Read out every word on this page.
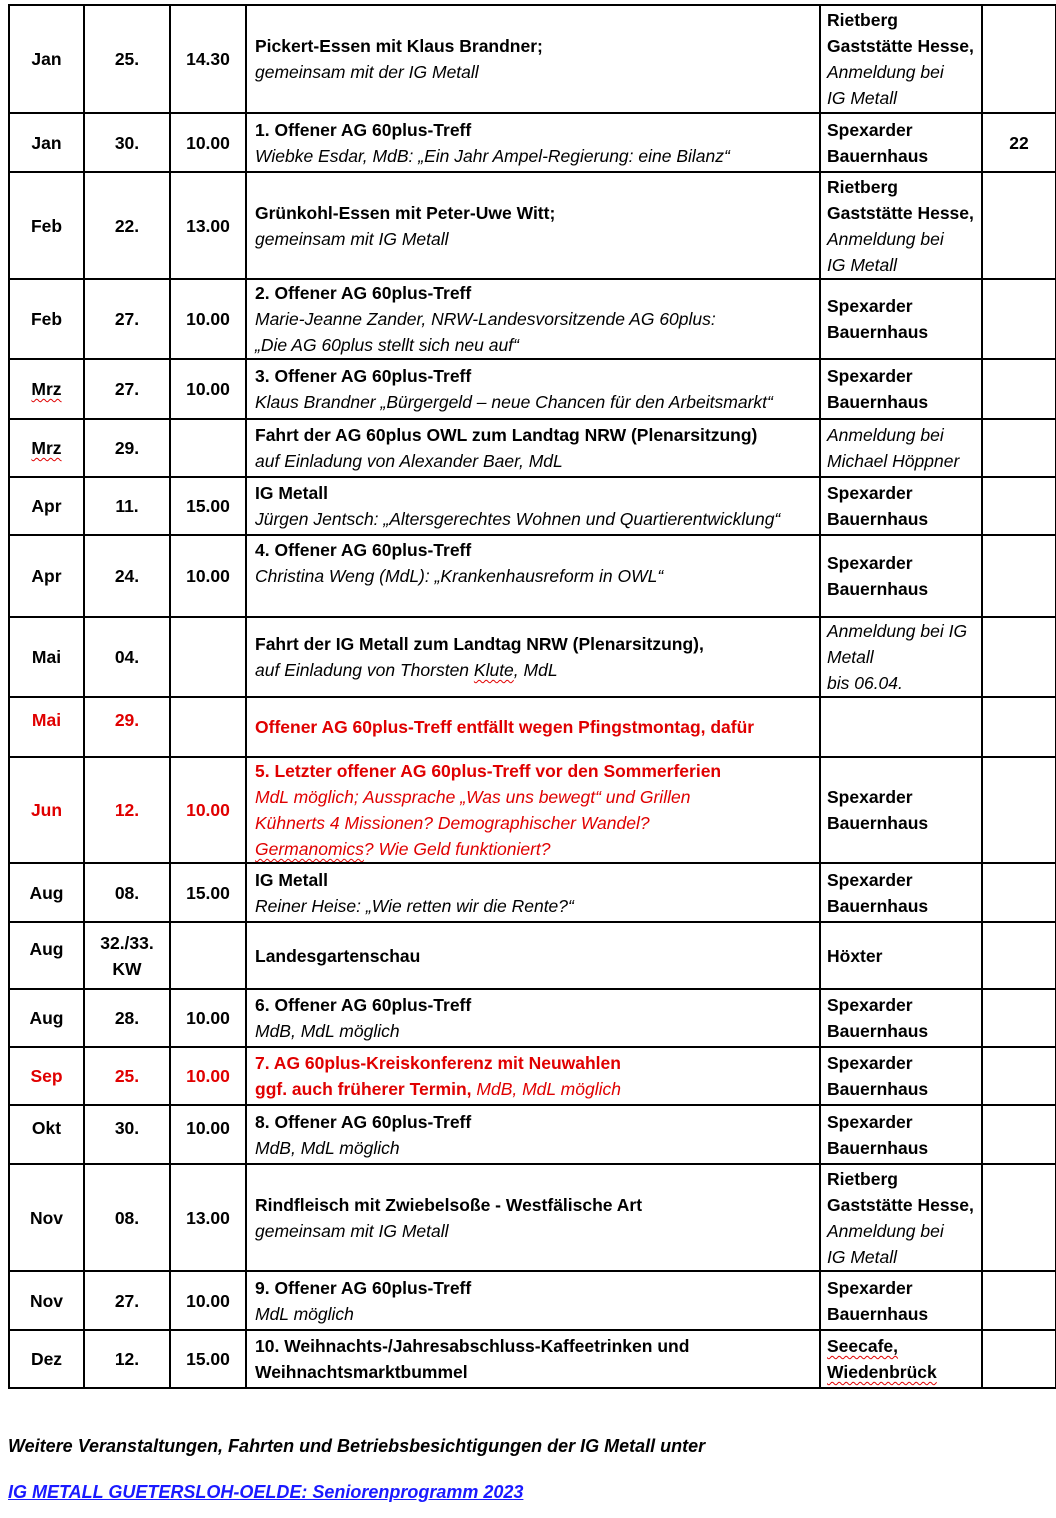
Jan	25.	14.30	Pickert-Essen mit Klaus Brandner;
gemeinsam mit der IG Metall	Rietberg
Gaststätte Hesse,
Anmeldung bei
IG Metall	

Jan	30.	10.00	1. Offener AG 60plus-Treff
Wiebke Esdar, MdB: „Ein Jahr Ampel-Regierung: eine Bilanz“	Spexarder
Bauernhaus	22
Feb	22.	13.00	Grünkohl-Essen mit Peter-Uwe Witt;
gemeinsam mit IG Metall	Rietberg
Gaststätte Hesse,
Anmeldung bei
IG Metall	

Feb	27.	10.00	2. Offener AG 60plus-Treff
Marie-Jeanne Zander, NRW-Landesvorsitzende AG 60plus:
„Die AG 60plus stellt sich neu auf“	Spexarder
Bauernhaus	

Mrz	27.	10.00	3. Offener AG 60plus-Treff
Klaus Brandner „Bürgergeld – neue Chancen für den Arbeitsmarkt“	Spexarder
Bauernhaus	

Mrz	29.		Fahrt der AG 60plus OWL zum Landtag NRW (Plenarsitzung)
auf Einladung von Alexander Baer, MdL	Anmeldung bei
Michael Höppner	

Apr	11.	15.00	IG Metall
Jürgen Jentsch: „Altersgerechtes Wohnen und Quartierentwicklung“	Spexarder
Bauernhaus	

Apr	24.	10.00	4. Offener AG 60plus-Treff
Christina Weng (MdL): „Krankenhausreform in OWL“	Spexarder
Bauernhaus	

Mai	04.		Fahrt der IG Metall zum Landtag NRW (Plenarsitzung),
auf Einladung von Thorsten Klute, MdL	Anmeldung bei IG
Metall
bis 06.04.	

Mai	29.		Offener AG 60plus-Treff entfällt wegen Pfingstmontag, dafür		

Jun	12.	10.00	5. Letzter offener AG 60plus-Treff vor den Sommerferien
MdL möglich; Aussprache „Was uns bewegt“ und Grillen
Kühnerts 4 Missionen? Demographischer Wandel?
Germanomics? Wie Geld funktioniert?	Spexarder
Bauernhaus	

Aug	08.	15.00	IG Metall
Reiner Heise: „Wie retten wir die Rente?“	Spexarder
Bauernhaus	

Aug	32./33.
KW		Landesgartenschau	Höxter	

Aug	28.	10.00	6. Offener AG 60plus-Treff
MdB, MdL möglich	Spexarder
Bauernhaus	

Sep	25.	10.00	7. AG 60plus-Kreiskonferenz mit Neuwahlen
ggf. auch früherer Termin, MdB, MdL möglich	Spexarder
Bauernhaus	

Okt	30.	10.00	8. Offener AG 60plus-Treff
MdB, MdL möglich	Spexarder
Bauernhaus	

Nov	08.	13.00	Rindfleisch mit Zwiebelsoße - Westfälische Art
gemeinsam mit IG Metall	Rietberg
Gaststätte Hesse,
Anmeldung bei
IG Metall	

Nov	27.	10.00	9. Offener AG 60plus-Treff
MdL möglich	Spexarder
Bauernhaus	

Dez	12.	15.00	10. Weihnachts-/Jahresabschluss-Kaffeetrinken und
Weihnachtsmarktbummel	Seecafe,
Wiedenbrück	

Weitere Veranstaltungen, Fahrten und Betriebsbesichtigungen der IG Metall unter
IG METALL GUETERSLOH-OELDE: Seniorenprogramm 2023
